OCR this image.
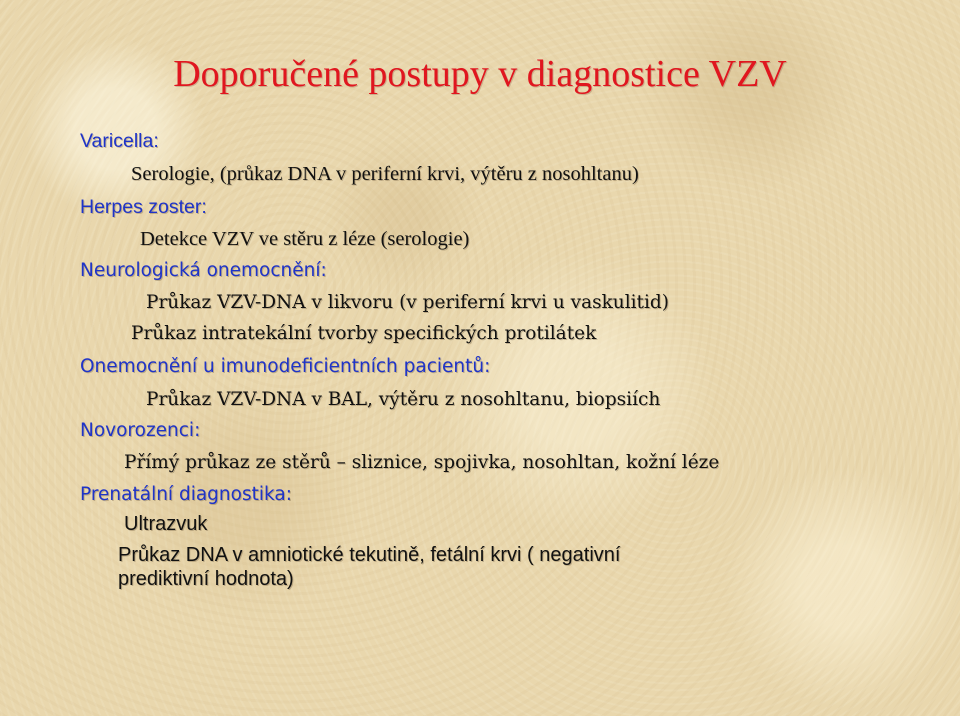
Doporučené postupy v diagnostice VZV

Varicella:

Serologie, (průkaz DNA v periferní krvi, výtěru z nosohltanu)

Herpes zoster:

Detekce VZV ve stěru z léze (serologie)

Neurologická onemocnění:

Průkaz VZV-DNA v likvoru (v periferní krvi u vaskulitid)

Průkaz intratekální tvorby specifických protilátek

Onemocnění u imunodeficientních pacientů:

Průkaz VZV-DNA v BAL, výtěru z nosohltanu, biopsiích

Novorozenci:

Přímý průkaz ze stěrů – sliznice, spojivka, nosohltan, kožní léze

Prenatální diagnostika:

Ultrazvuk

Průkaz DNA v amniotické tekutině, fetální krvi ( negativní

prediktivní hodnota)
